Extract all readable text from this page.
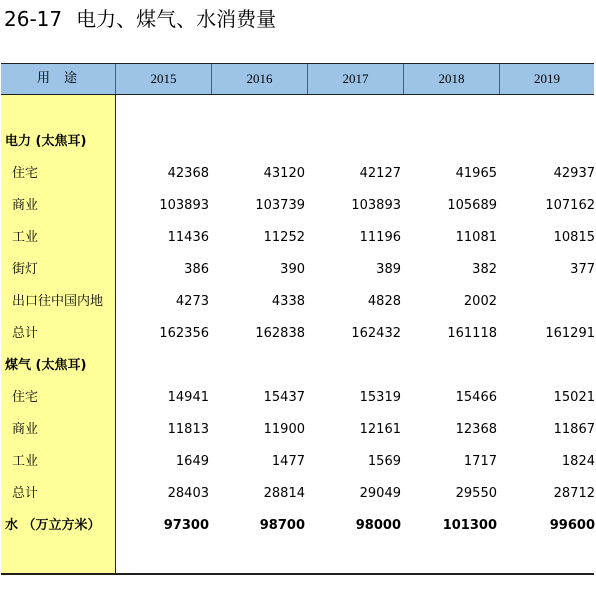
26-17 电力、煤气、水消费量
用途	2015	2016	2017	2018	2019
电力 (太焦耳)
住宅	42368	43120	42127	41965	42937
商业	103893	103739	103893	105689	107162
工业	11436	11252	11196	11081	10815
街灯	386	390	389	382	377
出口往中国内地	4273	4338	4828	2002
总计	162356	162838	162432	161118	161291
煤气 (太焦耳)
住宅	14941	15437	15319	15466	15021
商业	11813	11900	12161	12368	11867
工业	1649	1477	1569	1717	1824
总计	28403	28814	29049	29550	28712
水 （万立方米）	97300	98700	98000	101300	99600
